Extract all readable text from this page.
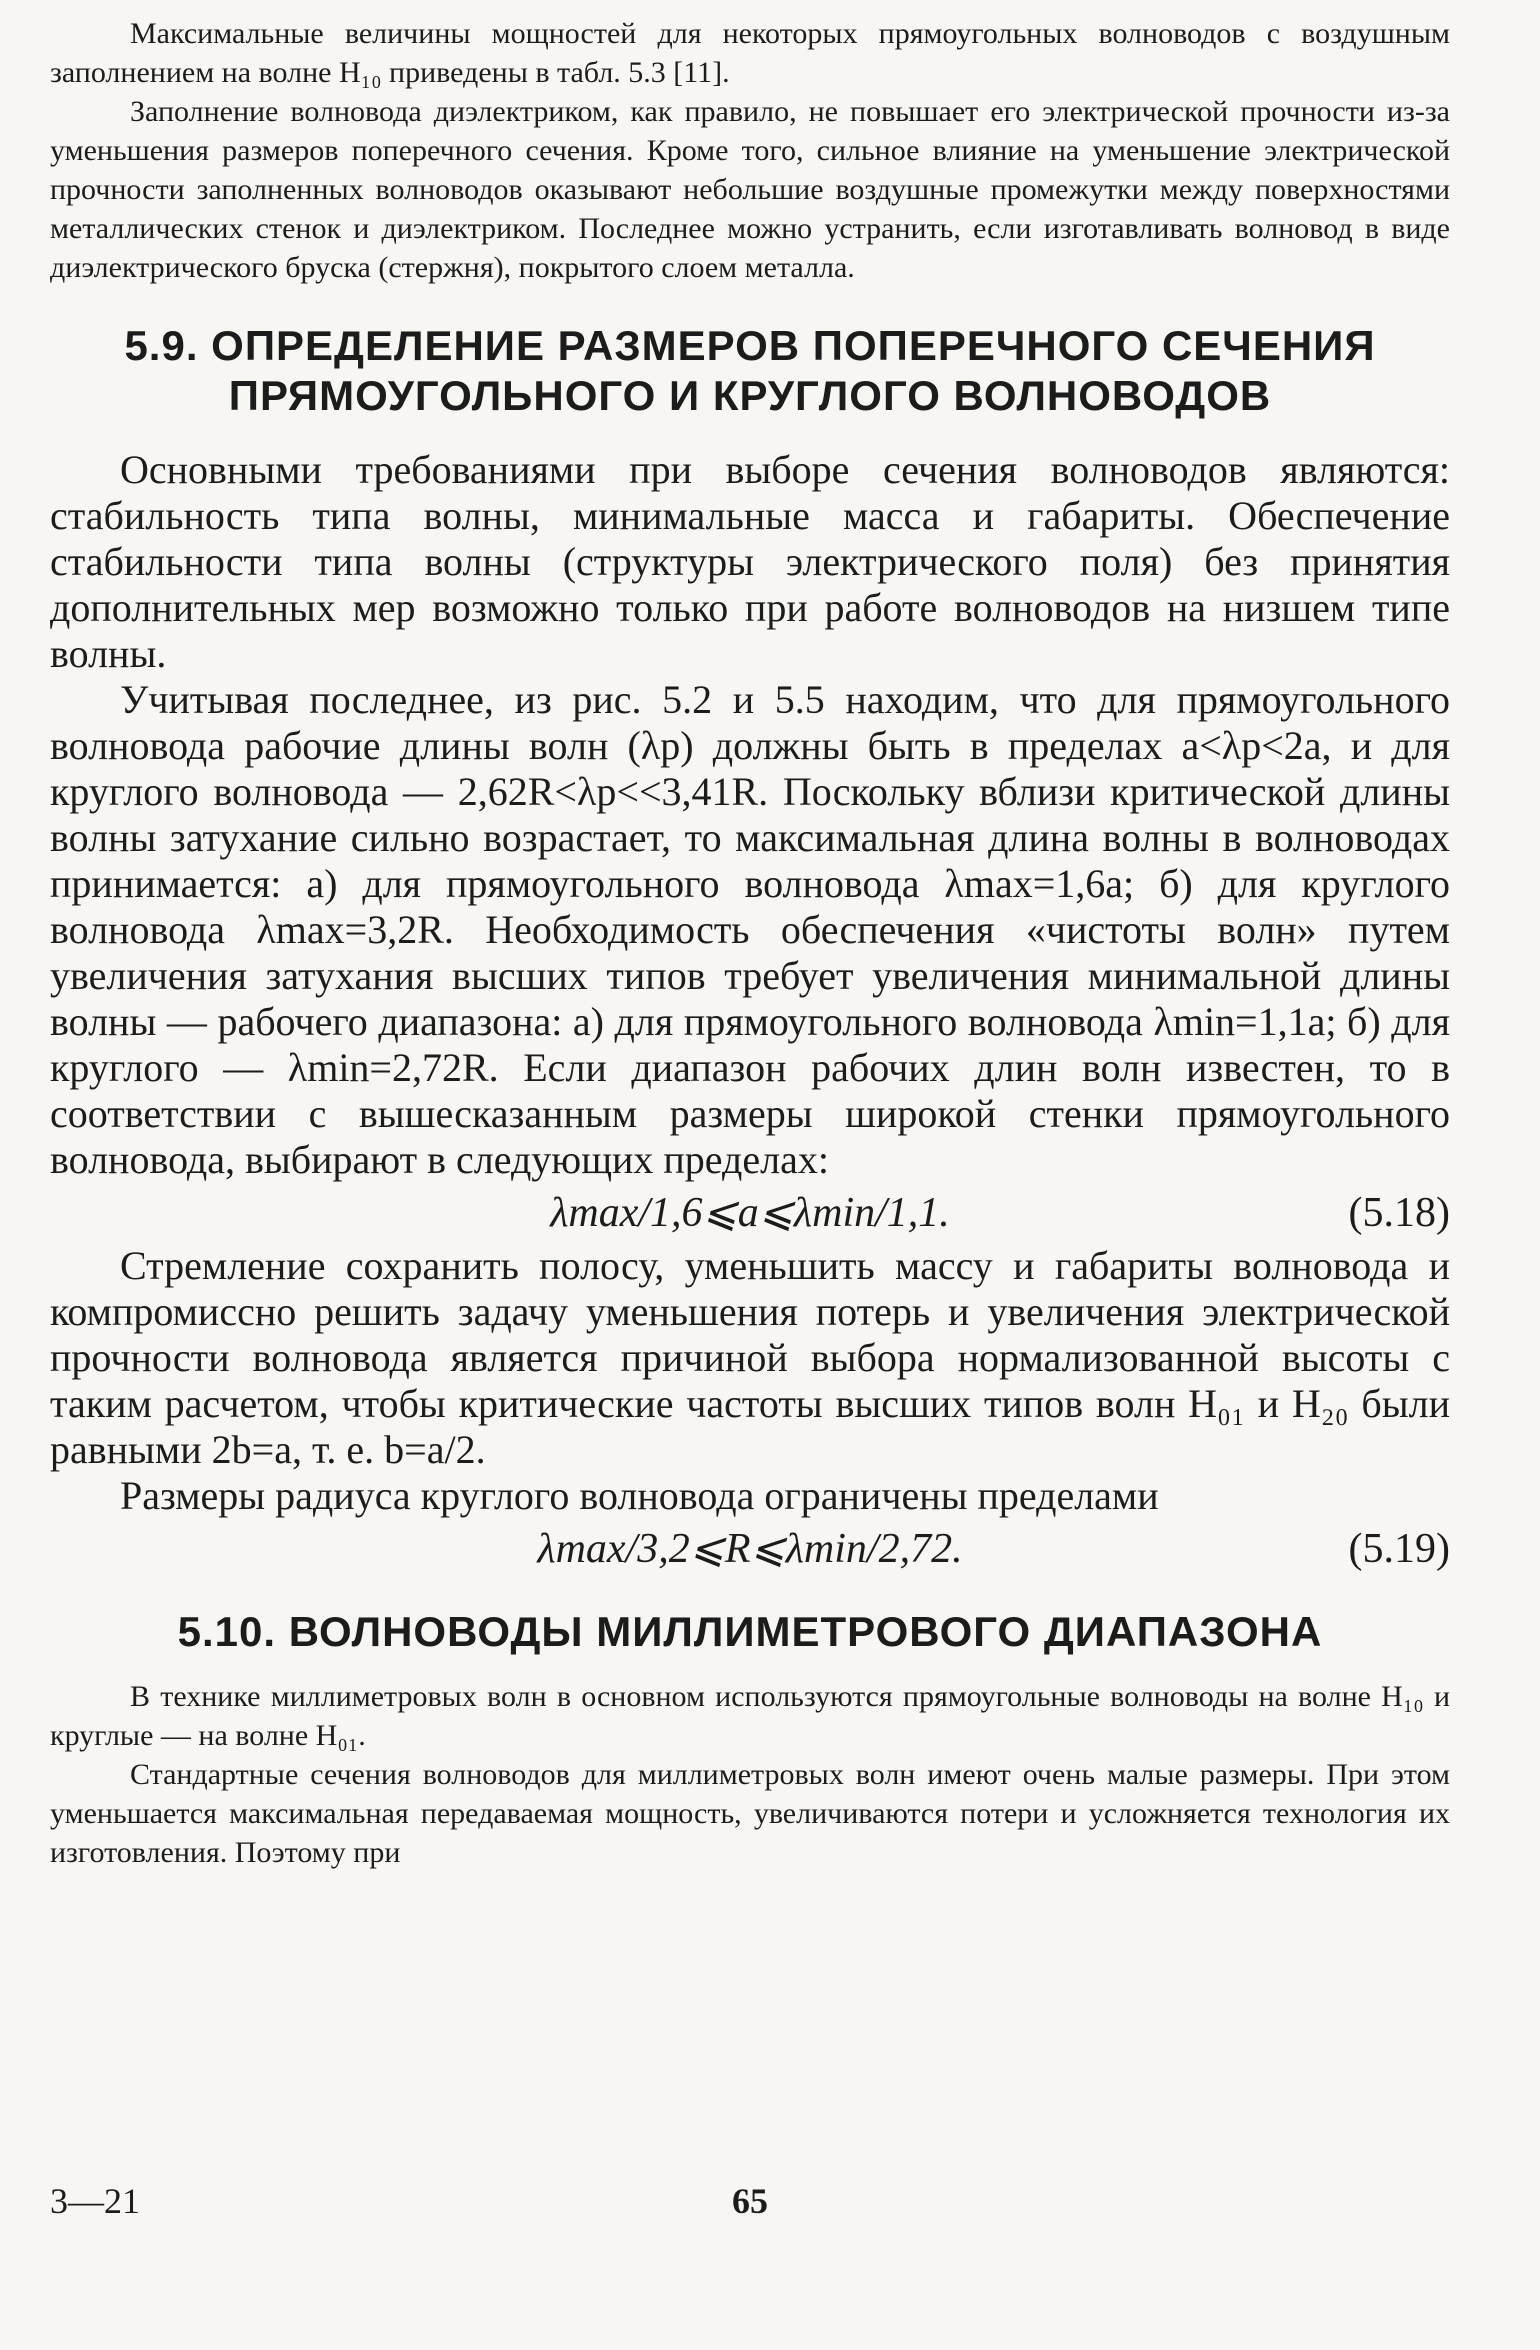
Максимальные величины мощностей для некоторых прямоугольных волноводов с воздушным заполнением на волне H₁₀ приведены в табл. 5.3 [11].

Заполнение волновода диэлектриком, как правило, не повышает его электрической прочности из-за уменьшения размеров поперечного сечения. Кроме того, сильное влияние на уменьшение электрической прочности заполненных волноводов оказывают небольшие воздушные промежутки между поверхностями металлических стенок и диэлектриком. Последнее можно устранить, если изготавливать волновод в виде диэлектрического бруска (стержня), покрытого слоем металла.

5.9. ОПРЕДЕЛЕНИЕ РАЗМЕРОВ ПОПЕРЕЧНОГО СЕЧЕНИЯ
ПРЯМОУГОЛЬНОГО И КРУГЛОГО ВОЛНОВОДОВ

Основными требованиями при выборе сечения волноводов являются: стабильность типа волны, минимальные масса и габариты. Обеспечение стабильности типа волны (структуры электрического поля) без принятия дополнительных мер возможно только при работе волноводов на низшем типе волны.

Учитывая последнее, из рис. 5.2 и 5.5 находим, что для прямоугольного волновода рабочие длины волн (λр) должны быть в пределах a<λр<2a, и для круглого волновода — 2,62R<λр<<3,41R. Поскольку вблизи критической длины волны затухание сильно возрастает, то максимальная длина волны в волноводах принимается: а) для прямоугольного волновода λmax=1,6a; б) для круглого волновода λmax=3,2R. Необходимость обеспечения «чистоты волн» путем увеличения затухания высших типов требует увеличения минимальной длины волны — рабочего диапазона: а) для прямоугольного волновода λmin=1,1a; б) для круглого — λmin=2,72R. Если диапазон рабочих длин волн известен, то в соответствии с вышесказанным размеры широкой стенки прямоугольного волновода, выбирают в следующих пределах:

λmax/1,6⩽a⩽λmin/1,1.	(5.18)

Стремление сохранить полосу, уменьшить массу и габариты волновода и компромиссно решить задачу уменьшения потерь и увеличения электрической прочности волновода является причиной выбора нормализованной высоты с таким расчетом, чтобы критические частоты высших типов волн H₀₁ и H₂₀ были равными 2b=a, т. е. b=a/2.

Размеры радиуса круглого волновода ограничены пределами

λmax/3,2⩽R⩽λmin/2,72.	(5.19)
5.10. ВОЛНОВОДЫ МИЛЛИМЕТРОВОГО ДИАПАЗОНА

В технике миллиметровых волн в основном используются прямоугольные волноводы на волне H₁₀ и круглые — на волне H₀₁.

Стандартные сечения волноводов для миллиметровых волн имеют очень малые размеры. При этом уменьшается максимальная передаваемая мощность, увеличиваются потери и усложняется технология их изготовления. Поэтому при

3—21	65
